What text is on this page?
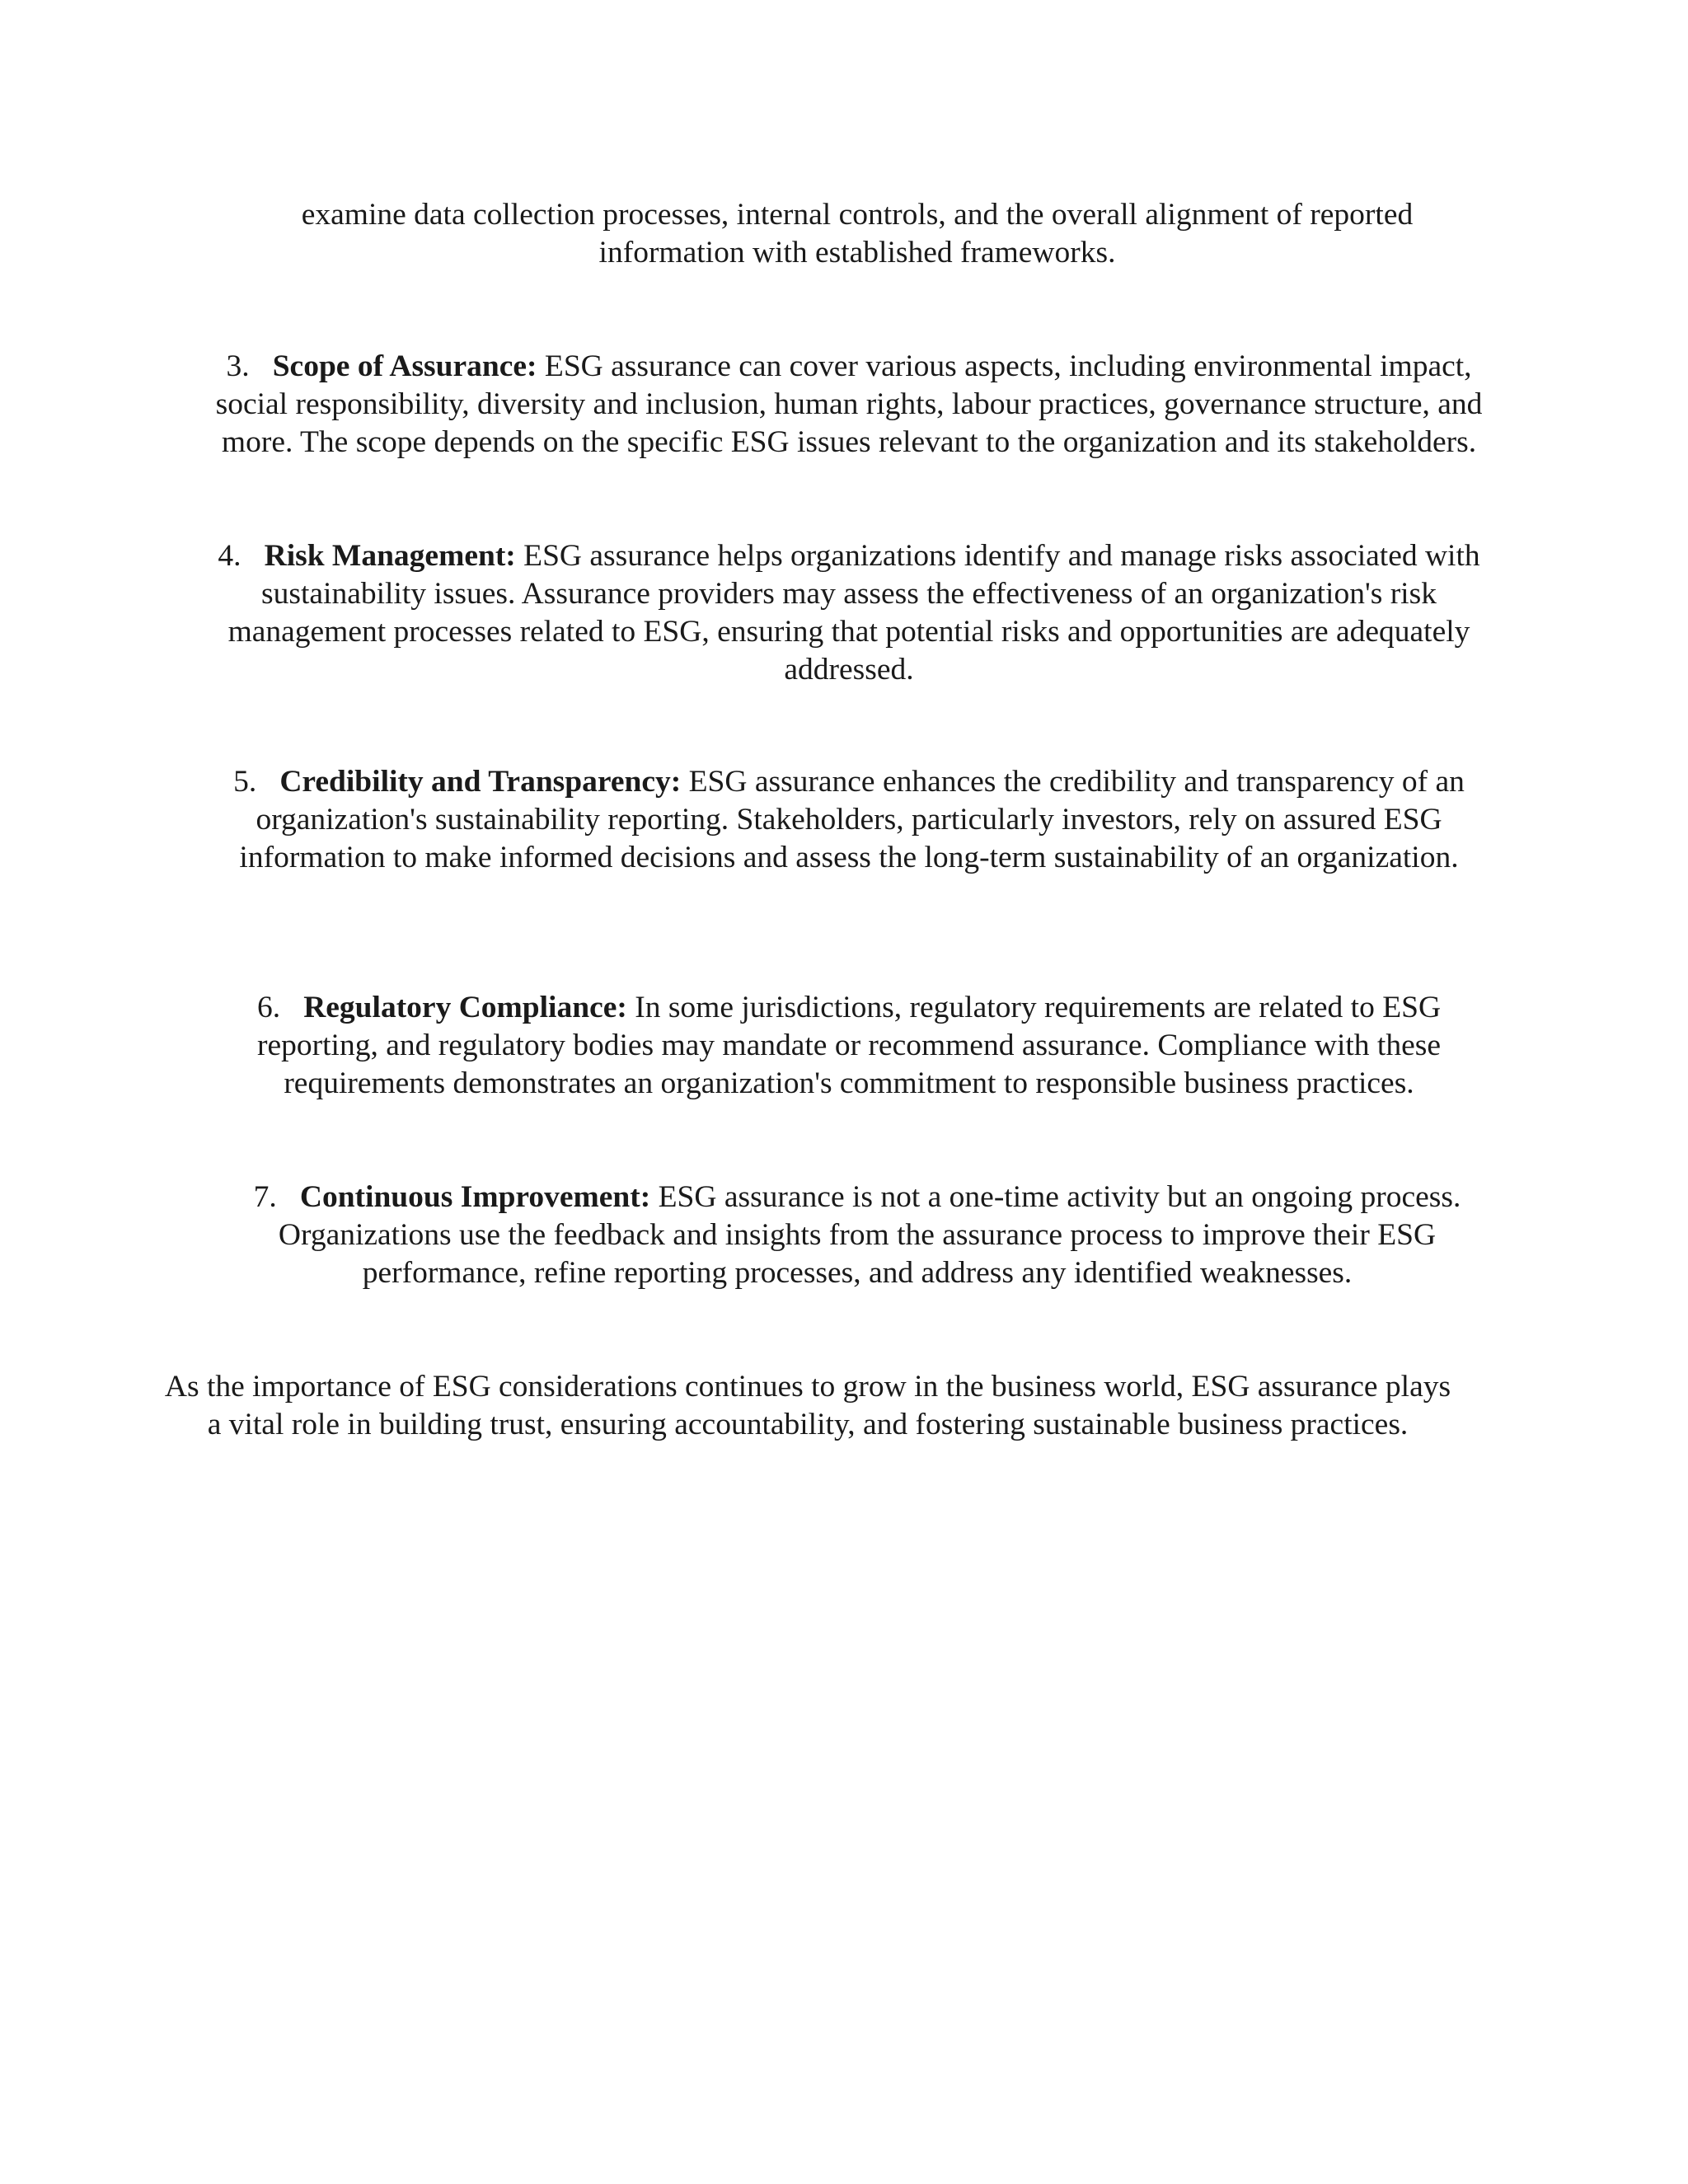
examine data collection processes, internal controls, and the overall alignment of reported information with established frameworks.

3. Scope of Assurance: ESG assurance can cover various aspects, including environmental impact, social responsibility, diversity and inclusion, human rights, labour practices, governance structure, and more. The scope depends on the specific ESG issues relevant to the organization and its stakeholders.

4. Risk Management: ESG assurance helps organizations identify and manage risks associated with sustainability issues. Assurance providers may assess the effectiveness of an organization's risk management processes related to ESG, ensuring that potential risks and opportunities are adequately addressed.

5. Credibility and Transparency: ESG assurance enhances the credibility and transparency of an organization's sustainability reporting. Stakeholders, particularly investors, rely on assured ESG information to make informed decisions and assess the long-term sustainability of an organization.

6. Regulatory Compliance: In some jurisdictions, regulatory requirements are related to ESG reporting, and regulatory bodies may mandate or recommend assurance. Compliance with these requirements demonstrates an organization's commitment to responsible business practices.

7. Continuous Improvement: ESG assurance is not a one-time activity but an ongoing process. Organizations use the feedback and insights from the assurance process to improve their ESG performance, refine reporting processes, and address any identified weaknesses.

As the importance of ESG considerations continues to grow in the business world, ESG assurance plays a vital role in building trust, ensuring accountability, and fostering sustainable business practices.
